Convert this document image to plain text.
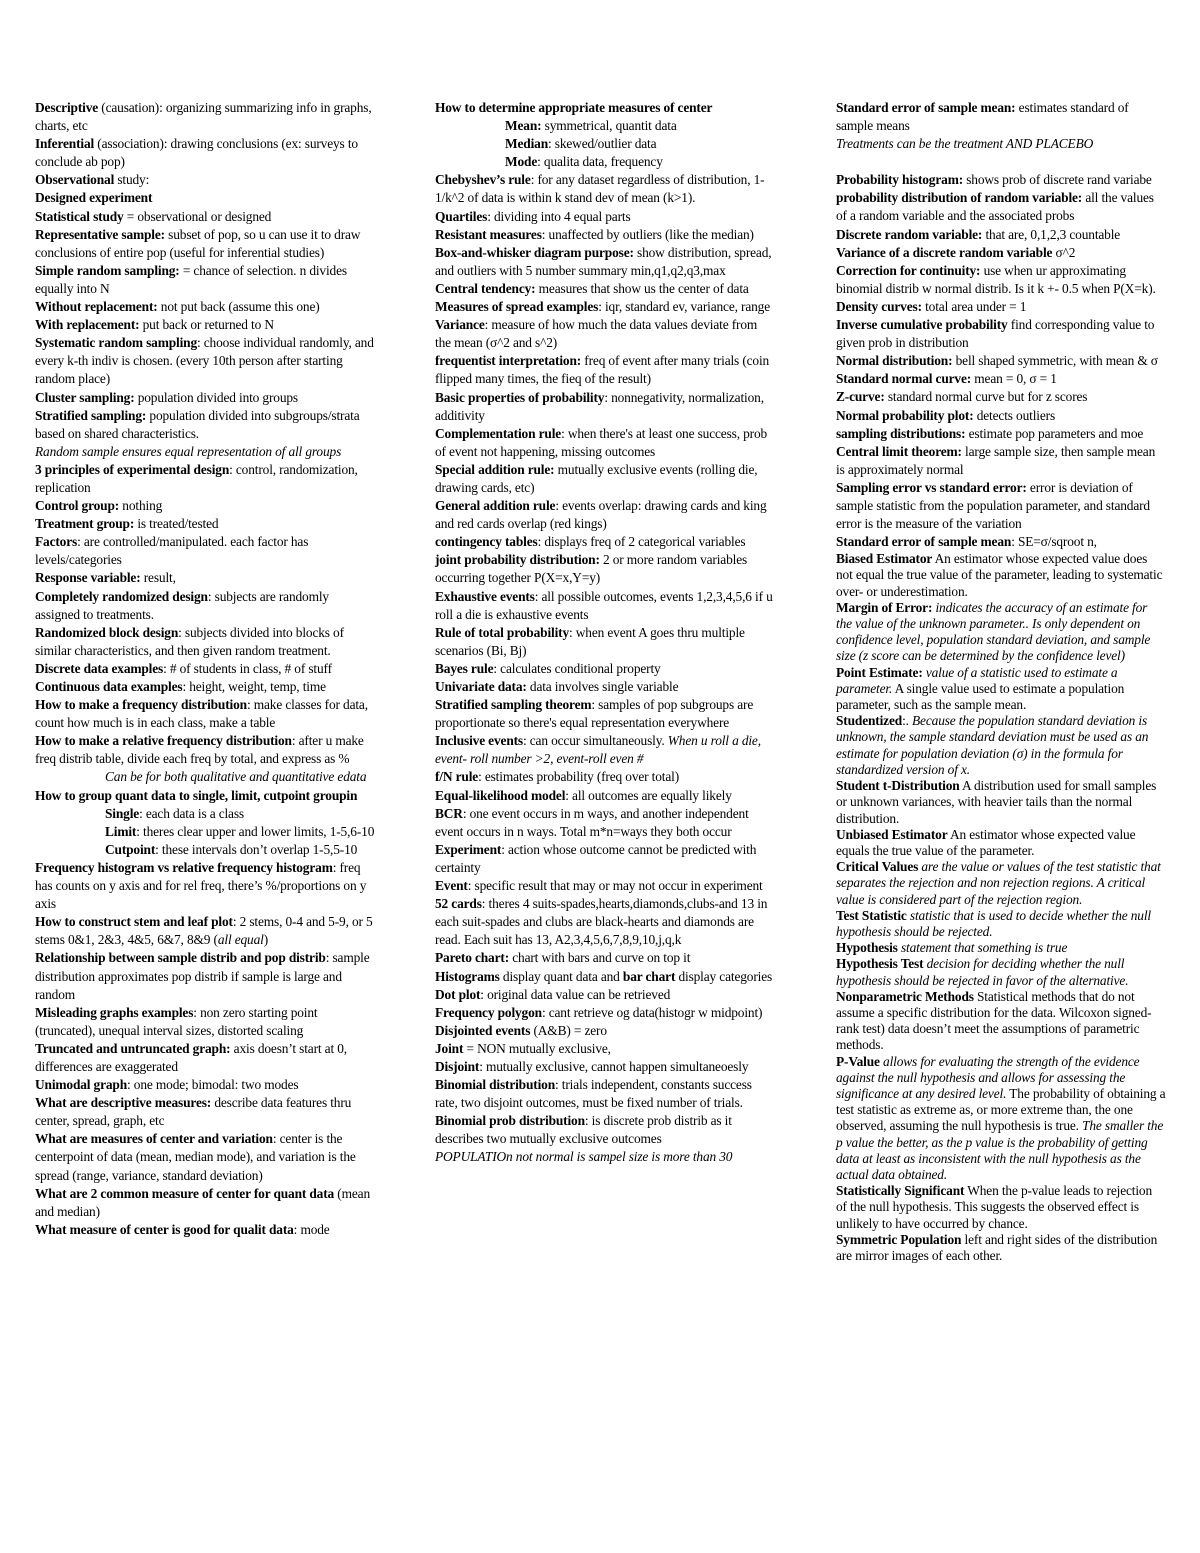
Descriptive (causation): organizing summarizing info in graphs, charts, etc

Inferential (association): drawing conclusions (ex: surveys to conclude ab pop)

Observational study:

Designed experiment

Statistical study = observational or designed

Representative sample: subset of pop, so u can use it to draw conclusions of entire pop (useful for inferential studies)

Simple random sampling: = chance of selection. n divides equally into N

Without replacement: not put back (assume this one)

With replacement: put back or returned to N

Systematic random sampling: choose individual randomly, and every k-th indiv is chosen. (every 10th person after starting random place)

Cluster sampling: population divided into groups

Stratified sampling: population divided into subgroups/strata based on shared characteristics.

Random sample ensures equal representation of all groups

3 principles of experimental design: control, randomization, replication

Control group: nothing

Treatment group: is treated/tested

Factors: are controlled/manipulated. each factor has levels/categories

Response variable: result,

Completely randomized design: subjects are randomly assigned to treatments.

Randomized block design: subjects divided into blocks of similar characteristics, and then given random treatment.

Discrete data examples: # of students in class, # of stuff

Continuous data examples: height, weight, temp, time

How to make a frequency distribution: make classes for data, count how much is in each class, make a table

How to make a relative frequency distribution: after u make freq distrib table, divide each freq by total, and express as %

Can be for both qualitative and quantitative edata

How to group quant data to single, limit, cutpoint groupin

Single: each data is a class

Limit: theres clear upper and lower limits, 1-5,6-10

Cutpoint: these intervals don’t overlap 1-5,5-10

Frequency histogram vs relative frequency histogram: freq has counts on y axis and for rel freq, there’s %/proportions on y axis

How to construct stem and leaf plot: 2 stems, 0-4 and 5-9, or 5 stems 0&1, 2&3, 4&5, 6&7, 8&9 (all equal)

Relationship between sample distrib and pop distrib: sample distribution approximates pop distrib if sample is large and random

Misleading graphs examples: non zero starting point (truncated), unequal interval sizes, distorted scaling

Truncated and untruncated graph: axis doesn’t start at 0, differences are exaggerated

Unimodal graph: one mode; bimodal: two modes

What are descriptive measures: describe data features thru center, spread, graph, etc

What are measures of center and variation: center is the centerpoint of data (mean, median mode), and variation is the spread (range, variance, standard deviation)

What are 2 common measure of center for quant data (mean and median)

What measure of center is good for qualit data: mode

How to determine appropriate measures of center

Mean: symmetrical, quantit data

Median: skewed/outlier data

Mode: qualita data, frequency

Chebyshev’s rule: for any dataset regardless of distribution, 1-1/k^2 of data is within k stand dev of mean (k>1).

Quartiles: dividing into 4 equal parts

Resistant measures: unaffected by outliers (like the median)

Box-and-whisker diagram purpose: show distribution, spread, and outliers with 5 number summary min,q1,q2,q3,max

Central tendency: measures that show us the center of data

Measures of spread examples: iqr, standard ev, variance, range

Variance: measure of how much the data values deviate from the mean (σ^2 and s^2)

frequentist interpretation: freq of event after many trials (coin flipped many times, the fieq of the result)

Basic properties of probability: nonnegativity, normalization, additivity

Complementation rule: when there's at least one success, prob of event not happening, missing outcomes

Special addition rule: mutually exclusive events (rolling die, drawing cards, etc)

General addition rule: events overlap: drawing cards and king and red cards overlap (red kings)

contingency tables: displays freq of 2 categorical variables

joint probability distribution: 2 or more random variables occurring together P(X=x,Y=y)

Exhaustive events: all possible outcomes, events 1,2,3,4,5,6 if u roll a die is exhaustive events

Rule of total probability: when event A goes thru multiple scenarios (Bi, Bj)

Bayes rule: calculates conditional property

Univariate data: data involves single variable

Stratified sampling theorem: samples of pop subgroups are proportionate so there's equal representation everywhere

Inclusive events: can occur simultaneously. When u roll a die, event- roll number >2, event-roll even #

f/N rule: estimates probability (freq over total)

Equal-likelihood model: all outcomes are equally likely

BCR: one event occurs in m ways, and another independent event occurs in n ways. Total m*n=ways they both occur

Experiment: action whose outcome cannot be predicted with certainty

Event: specific result that may or may not occur in experiment

52 cards: theres 4 suits-spades,hearts,diamonds,clubs-and 13 in each suit-spades and clubs are black-hearts and diamonds are read. Each suit has 13, A2,3,4,5,6,7,8,9,10,j,q,k

Pareto chart: chart with bars and curve on top it

Histograms display quant data and bar chart display categories

Dot plot: original data value can be retrieved

Frequency polygon: cant retrieve og data(histogr w midpoint)

Disjointed events (A&B) = zero

Joint = NON mutually exclusive,

Disjoint: mutually exclusive, cannot happen simultaneoesly

Binomial distribution: trials independent, constants success rate, two disjoint outcomes, must be fixed number of trials.

Binomial prob distribution: is discrete prob distrib as it describes two mutually exclusive outcomes

POPULATIOn not normal is sampel size is more than 30

Standard error of sample mean: estimates standard of sample means

Treatments can be the treatment AND PLACEBO

Probability histogram: shows prob of discrete rand variabe

probability distribution of random variable: all the values of a random variable and the associated probs

Discrete random variable: that are, 0,1,2,3 countable

Variance of a discrete random variable σ^2

Correction for continuity: use when ur approximating binomial distrib w normal distrib. Is it k +- 0.5 when P(X=k). Density curves: total area under = 1

Inverse cumulative probability find corresponding value to given prob in distribution

Normal distribution: bell shaped symmetric, with mean & σ

Standard normal curve: mean = 0, σ = 1

Z-curve: standard normal curve but for z scores

Normal probability plot: detects outliers

sampling distributions: estimate pop parameters and moe

Central limit theorem: large sample size, then sample mean is approximately normal

Sampling error vs standard error: error is deviation of sample statistic from the population parameter, and standard error is the measure of the variation

Standard error of sample mean: SE=σ/sqroot n,

Biased Estimator An estimator whose expected value does not equal the true value of the parameter, leading to systematic over- or underestimation.

Margin of Error: indicates the accuracy of an estimate for the value of the unknown parameter.. Is only dependent on confidence level, population standard deviation, and sample size (z score can be determined by the confidence level)

Point Estimate: value of a statistic used to estimate a parameter. A single value used to estimate a population parameter, such as the sample mean.

Studentized:. Because the population standard deviation is unknown, the sample standard deviation must be used as an estimate for population deviation (σ) in the formula for standardized version of x.

Student t-Distribution A distribution used for small samples or unknown variances, with heavier tails than the normal distribution.

Unbiased Estimator An estimator whose expected value equals the true value of the parameter.

Critical Values are the value or values of the test statistic that separates the rejection and non rejection regions. A critical value is considered part of the rejection region.

Test Statistic statistic that is used to decide whether the null hypothesis should be rejected.

Hypothesis statement that something is true

Hypothesis Test decision for deciding whether the null hypothesis should be rejected in favor of the alternative.

Nonparametric Methods Statistical methods that do not assume a specific distribution for the data. Wilcoxon signed-rank test) data doesn’t meet the assumptions of parametric methods.

P-Value allows for evaluating the strength of the evidence against the null hypothesis and allows for assessing the significance at any desired level. The probability of obtaining a test statistic as extreme as, or more extreme than, the one observed, assuming the null hypothesis is true. The smaller the p value the better, as the p value is the probability of getting data at least as inconsistent with the null hypothesis as the actual data obtained.

Statistically Significant When the p-value leads to rejection of the null hypothesis. This suggests the observed effect is unlikely to have occurred by chance.

Symmetric Population left and right sides of the distribution are mirror images of each other.
